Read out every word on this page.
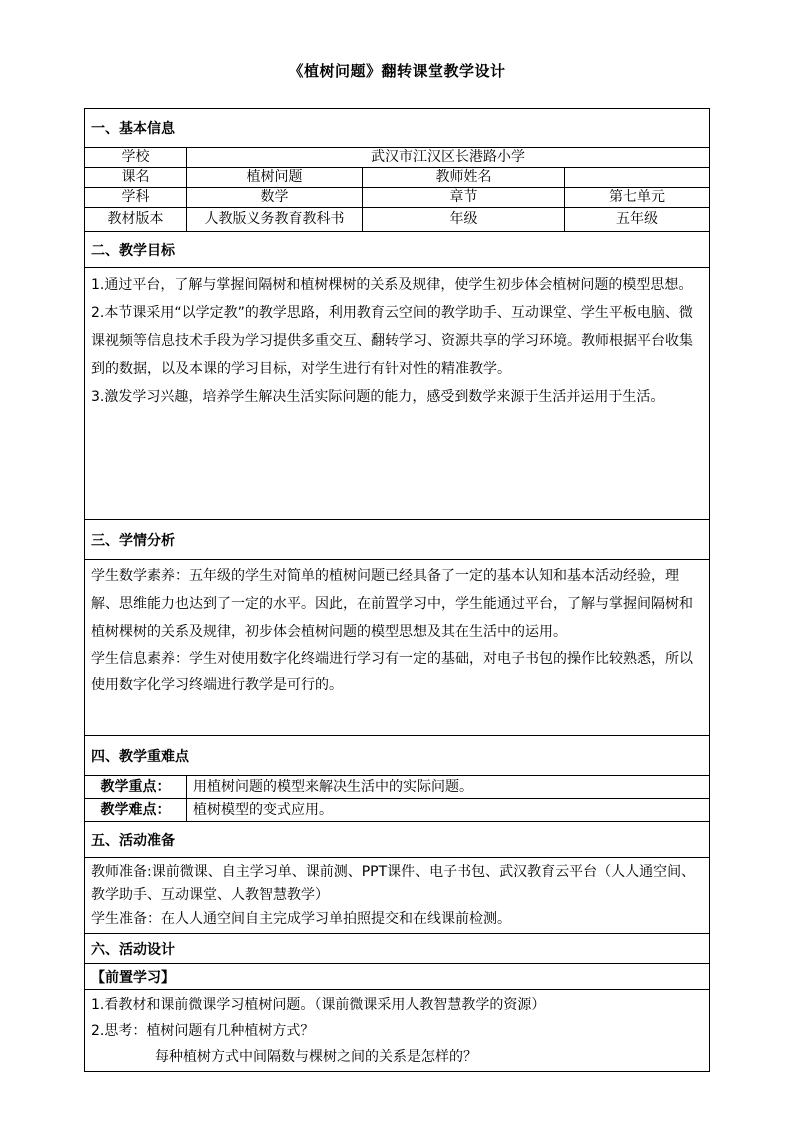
《植树问题》翻转课堂教学设计
一、基本信息
学校	武汉市江汉区长港路小学
课名	植树问题	教师姓名
学科	数学	章节	第七单元
教材版本	人教版义务教育教科书	年级	五年级
二、教学目标
1.通过平台，了解与掌握间隔树和植树棵树的关系及规律，使学生初步体会植树问题的模型思想。
2.本节课采用“以学定教”的教学思路，利用教育云空间的教学助手、互动课堂、学生平板电脑、微课视频等信息技术手段为学习提供多重交互、翻转学习、资源共享的学习环境。教师根据平台收集到的数据，以及本课的学习目标，对学生进行有针对性的精准教学。
3.激发学习兴趣，培养学生解决生活实际问题的能力，感受到数学来源于生活并运用于生活。
三、学情分析
学生数学素养：五年级的学生对简单的植树问题已经具备了一定的基本认知和基本活动经验，理解、思维能力也达到了一定的水平。因此，在前置学习中，学生能通过平台，了解与掌握间隔树和植树棵树的关系及规律，初步体会植树问题的模型思想及其在生活中的运用。
学生信息素养：学生对使用数字化终端进行学习有一定的基础，对电子书包的操作比较熟悉，所以使用数字化学习终端进行教学是可行的。
四、教学重难点
教学重点：	用植树问题的模型来解决生活中的实际问题。
教学难点：	植树模型的变式应用。
五、活动准备
教师准备:课前微课、自主学习单、课前测、PPT课件、电子书包、武汉教育云平台（人人通空间、教学助手、互动课堂、人教智慧教学）
学生准备：在人人通空间自主完成学习单拍照提交和在线课前检测。
六、活动设计
【前置学习】
1.看教材和课前微课学习植树问题。（课前微课采用人教智慧教学的资源）
2.思考：植树问题有几种植树方式？
每种植树方式中间隔数与棵树之间的关系是怎样的？
